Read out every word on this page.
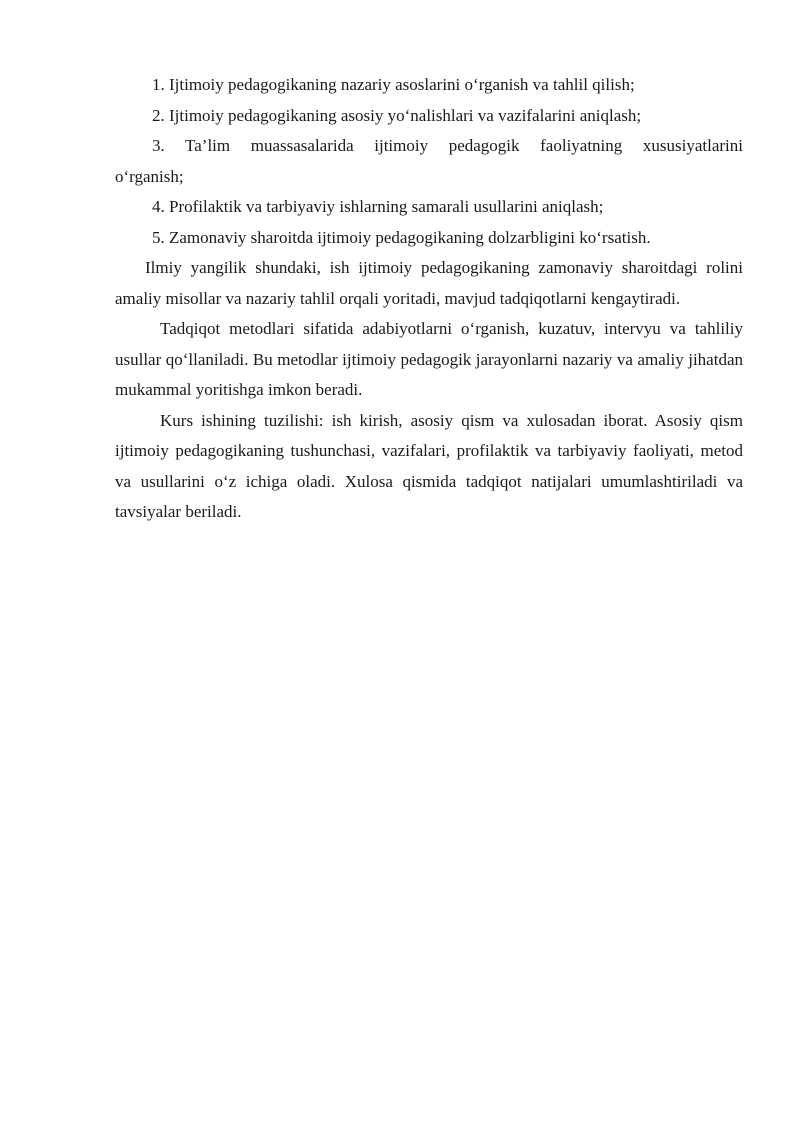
1. Ijtimoiy pedagogikaning nazariy asoslarini o‘rganish va tahlil qilish;

2. Ijtimoiy pedagogikaning asosiy yo‘nalishlari va vazifalarini aniqlash;

3. Ta’lim muassasalarida ijtimoiy pedagogik faoliyatning xususiyatlarini o‘rganish;

4. Profilaktik va tarbiyaviy ishlarning samarali usullarini aniqlash;

5. Zamonaviy sharoitda ijtimoiy pedagogikaning dolzarbligini ko‘rsatish.

Ilmiy yangilik shundaki, ish ijtimoiy pedagogikaning zamonaviy sharoitdagi rolini amaliy misollar va nazariy tahlil orqali yoritadi, mavjud tadqiqotlarni kengaytiradi.

Tadqiqot metodlari sifatida adabiyotlarni o‘rganish, kuzatuv, intervyu va tahliliy usullar qo‘llaniladi. Bu metodlar ijtimoiy pedagogik jarayonlarni nazariy va amaliy jihatdan mukammal yoritishga imkon beradi.

Kurs ishining tuzilishi: ish kirish, asosiy qism va xulosadan iborat. Asosiy qism ijtimoiy pedagogikaning tushunchasi, vazifalari, profilaktik va tarbiyaviy faoliyati, metod va usullarini o‘z ichiga oladi. Xulosa qismida tadqiqot natijalari umumlashtiriladi va tavsiyalar beriladi.
